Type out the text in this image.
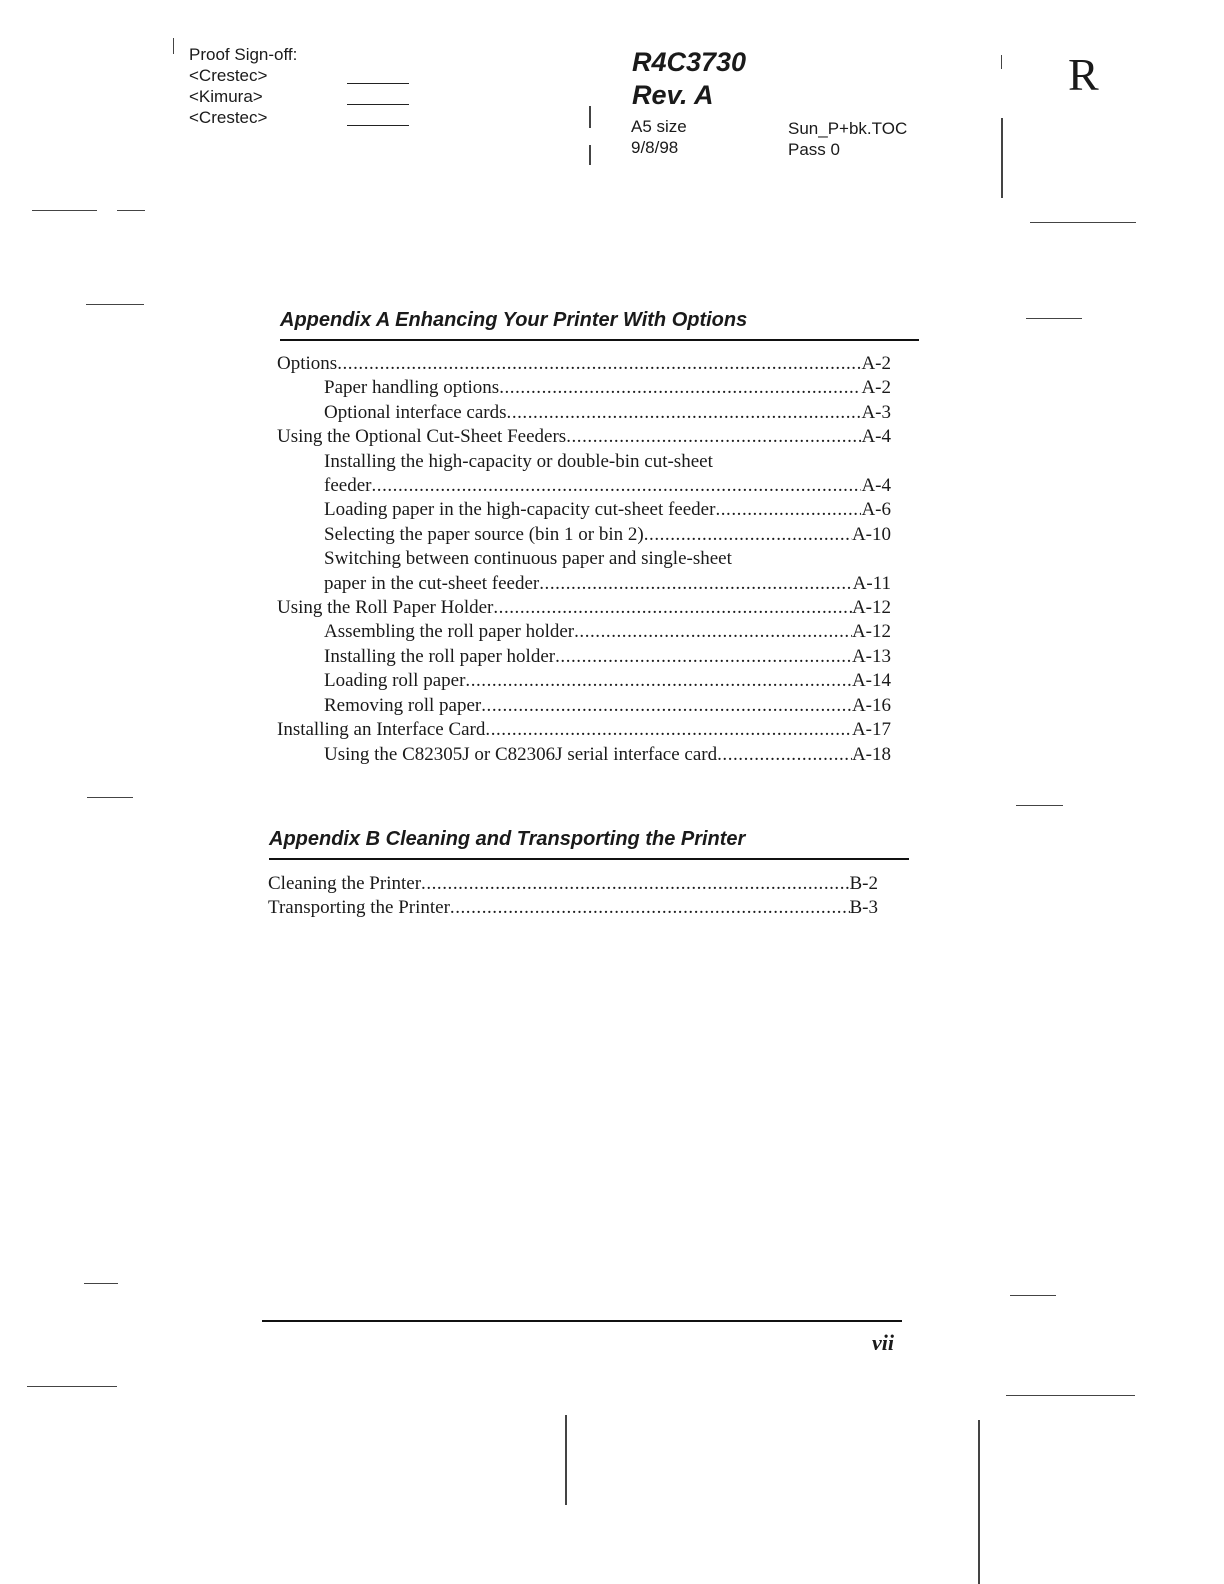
Proof Sign-off:
<Crestec>
<Kimura>
<Crestec>
R4C3730
Rev. A
A5 size
9/8/98
Sun_P+bk.TOC
Pass 0
R
Appendix A Enhancing Your Printer With Options
Options . . .	A-2
Paper handling options . . .	A-2
Optional interface cards . . .	A-3
Using the Optional Cut-Sheet Feeders . . .	A-4
Installing the high-capacity or double-bin cut-sheet
feeder . . .	A-4
Loading paper in the high-capacity cut-sheet feeder . . .	A-6
Selecting the paper source (bin 1 or bin 2) . . .	A-10
Switching between continuous paper and single-sheet
paper in the cut-sheet feeder . . .	A-11
Using the Roll Paper Holder . . .	A-12
Assembling the roll paper holder . . .	A-12
Installing the roll paper holder . . .	A-13
Loading roll paper . . .	A-14
Removing roll paper . . .	A-16
Installing an Interface Card . . .	A-17
Using the C82305J or C82306J serial interface card . . .	A-18
Appendix B Cleaning and Transporting the Printer
Cleaning the Printer . . .	B-2
Transporting the Printer . . .	B-3
vii
